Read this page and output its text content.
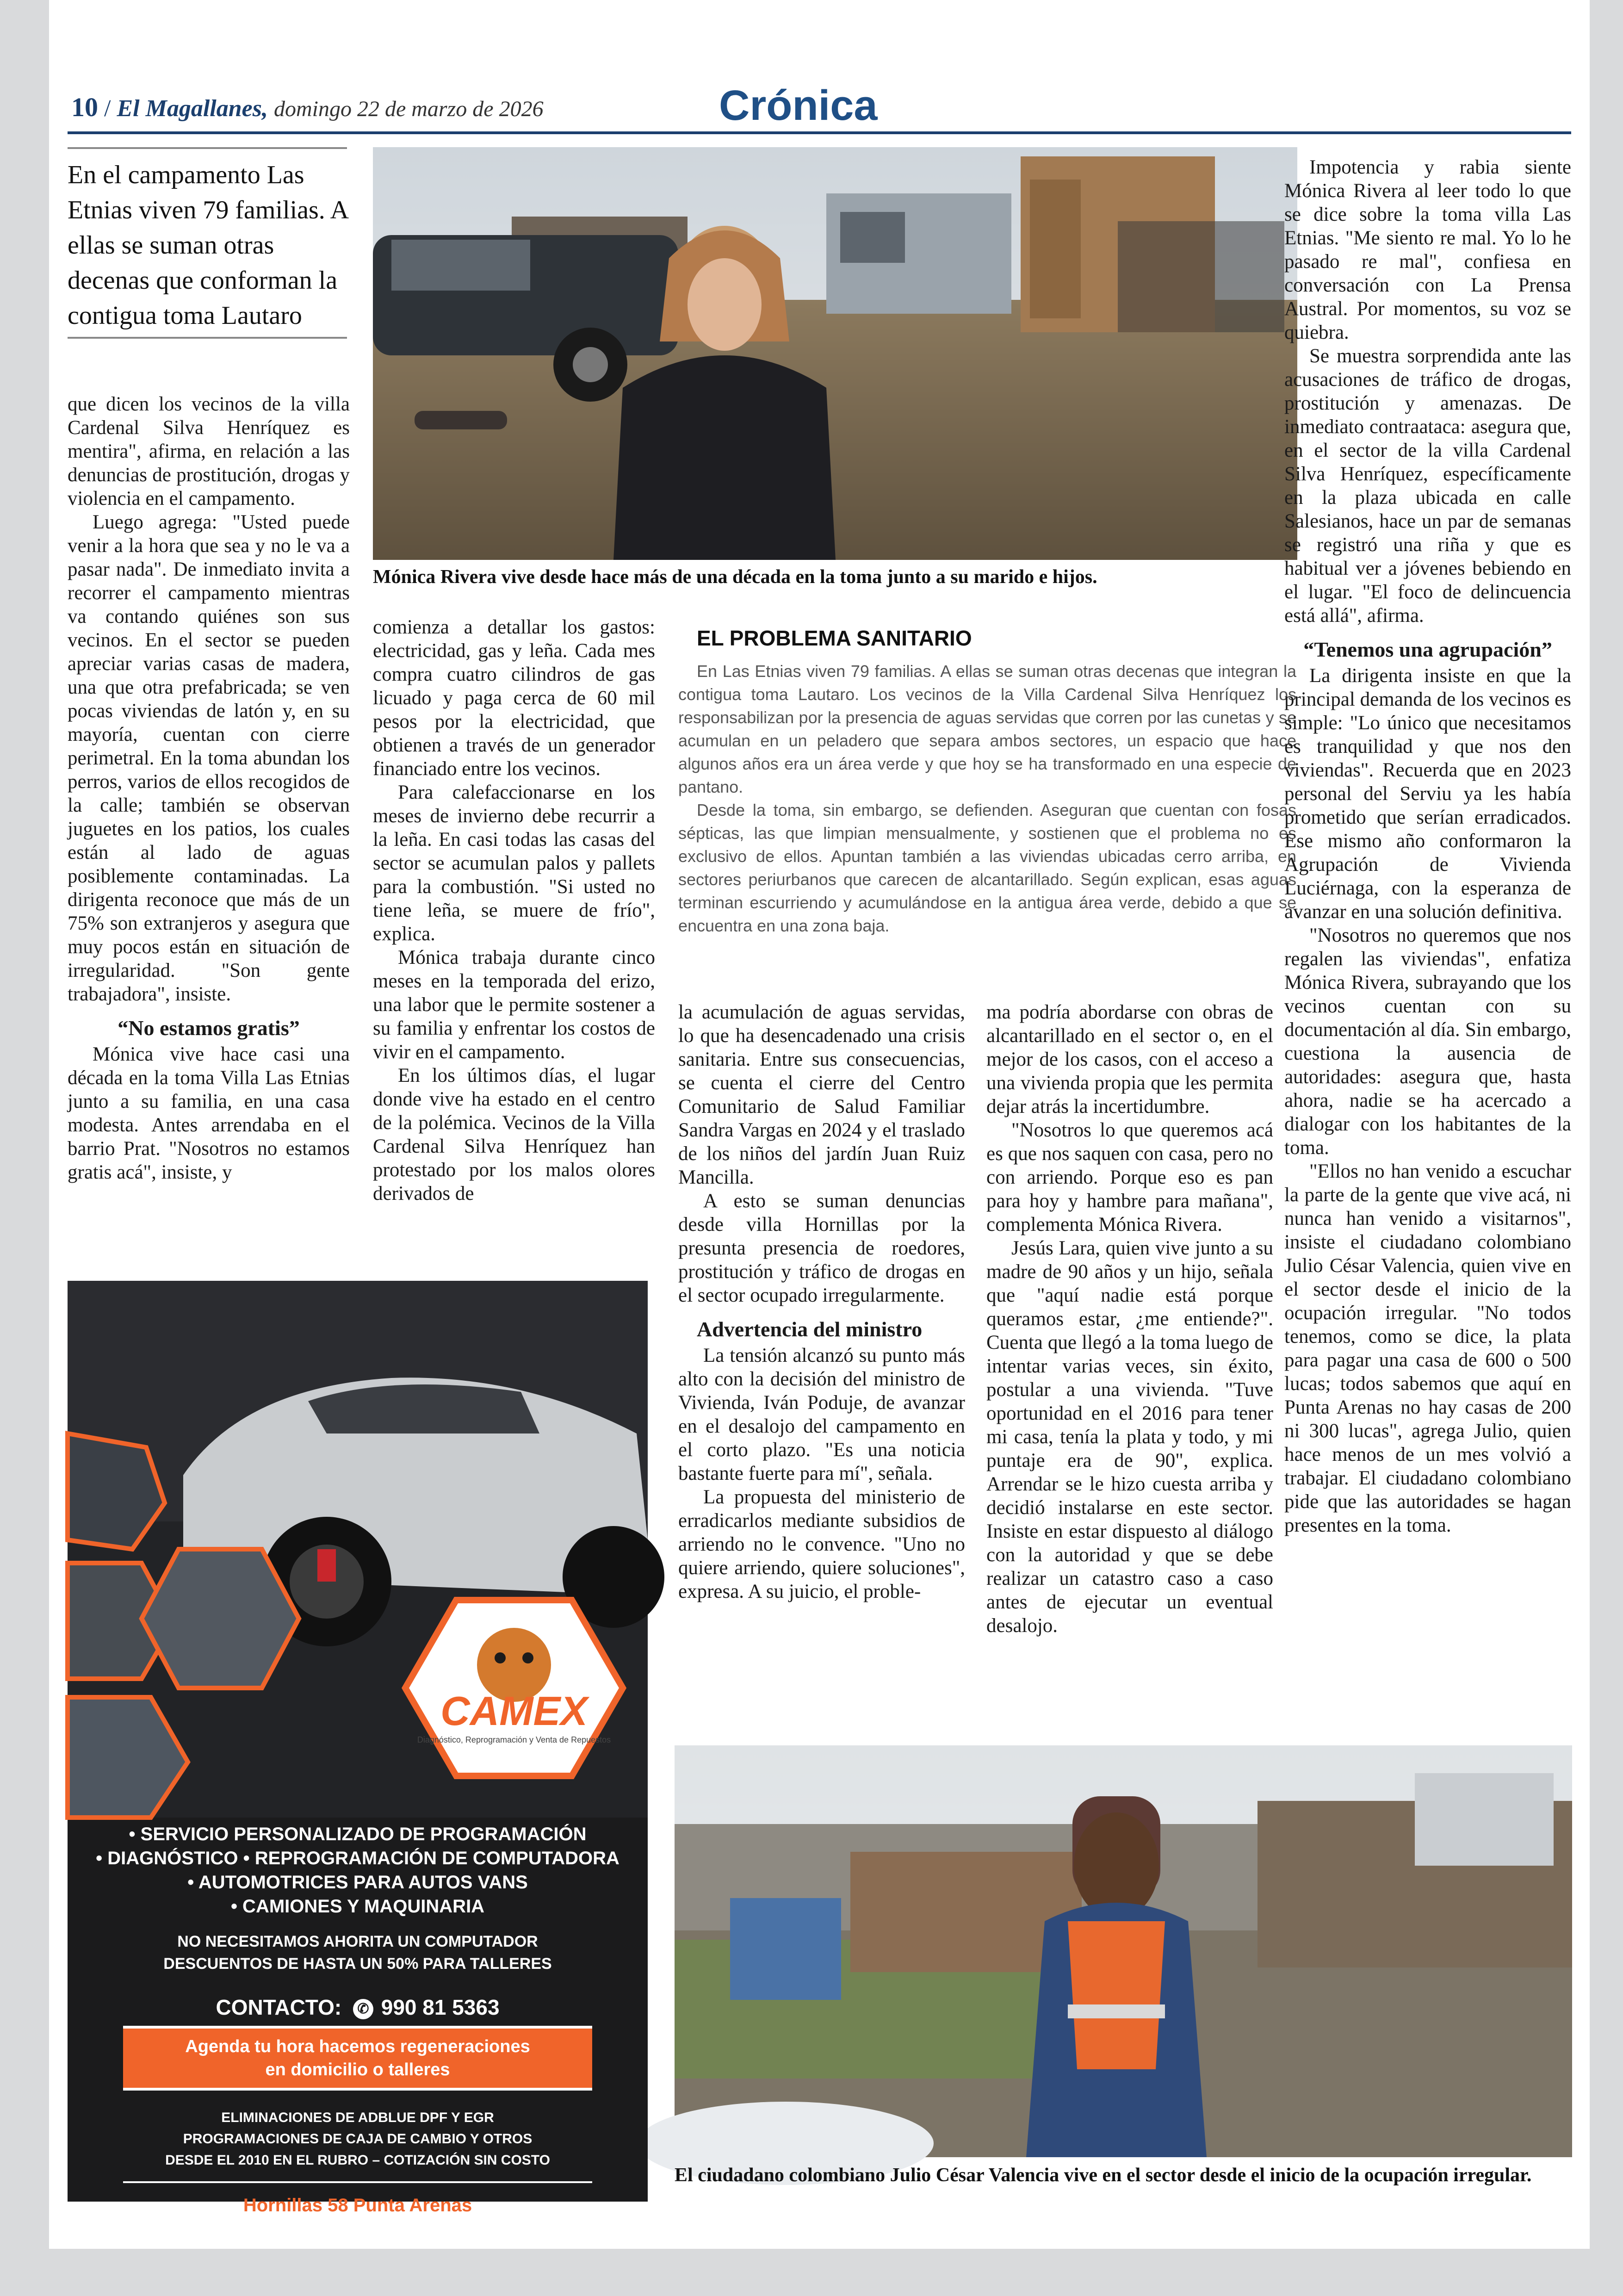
10 / El Magallanes, domingo 22 de marzo de 2026	Crónica
En el campamento Las Etnias viven 79 familias. A ellas se suman otras decenas que conforman la contigua toma Lautaro
Mónica Rivera vive desde hace más de una década en la toma junto a su marido e hijos.

que dicen los vecinos de la villa Cardenal Silva Henríquez es mentira", afirma, en relación a las denuncias de prostitución, drogas y violencia en el campamento.

Luego agrega: "Usted puede venir a la hora que sea y no le va a pasar nada". De inmediato invita a recorrer el campamento mientras va contando quiénes son sus vecinos. En el sector se pueden apreciar varias casas de madera, una que otra prefabricada; se ven pocas viviendas de latón y, en su mayoría, cuentan con cierre perimetral. En la toma abundan los perros, varios de ellos recogidos de la calle; también se observan juguetes en los patios, los cuales están al lado de aguas posiblemente contaminadas. La dirigenta reconoce que más de un 75% son extranjeros y asegura que muy pocos están en situación de irregularidad. "Son gente trabajadora", insiste.

“No estamos gratis”

Mónica vive hace casi una década en la toma Villa Las Etnias junto a su familia, en una casa modesta. Antes arrendaba en el barrio Prat. "Nosotros no estamos gratis acá", insiste, y

comienza a detallar los gastos: electricidad, gas y leña. Cada mes compra cuatro cilindros de gas licuado y paga cerca de 60 mil pesos por la electricidad, que obtienen a través de un generador financiado entre los vecinos.

Para calefaccionarse en los meses de invierno debe recurrir a la leña. En casi todas las casas del sector se acumulan palos y pallets para la combustión. "Si usted no tiene leña, se muere de frío", explica.

Mónica trabaja durante cinco meses en la temporada del erizo, una labor que le permite sostener a su familia y enfrentar los costos de vivir en el campamento.

En los últimos días, el lugar donde vive ha estado en el centro de la polémica. Vecinos de la Villa Cardenal Silva Henríquez han protestado por los malos olores derivados de

EL PROBLEMA SANITARIO

En Las Etnias viven 79 familias. A ellas se suman otras decenas que integran la contigua toma Lautaro. Los vecinos de la Villa Cardenal Silva Henríquez los responsabilizan por la presencia de aguas servidas que corren por las cunetas y se acumulan en un peladero que separa ambos sectores, un espacio que hace algunos años era un área verde y que hoy se ha transformado en una especie de pantano.

Desde la toma, sin embargo, se defienden. Aseguran que cuentan con fosas sépticas, las que limpian mensualmente, y sostienen que el problema no es exclusivo de ellos. Apuntan también a las viviendas ubicadas cerro arriba, en sectores periurbanos que carecen de alcantarillado. Según explican, esas aguas terminan escurriendo y acumulándose en la antigua área verde, debido a que se encuentra en una zona baja.

la acumulación de aguas servidas, lo que ha desencadenado una crisis sanitaria. Entre sus consecuencias, se cuenta el cierre del Centro Comunitario de Salud Familiar Sandra Vargas en 2024 y el traslado de los niños del jardín Juan Ruiz Mancilla.

A esto se suman denuncias desde villa Hornillas por la presunta presencia de roedores, prostitución y tráfico de drogas en el sector ocupado irregularmente.

Advertencia del ministro

La tensión alcanzó su punto más alto con la decisión del ministro de Vivienda, Iván Poduje, de avanzar en el desalojo del campamento en el corto plazo. "Es una noticia bastante fuerte para mí", señala.

La propuesta del ministerio de erradicarlos mediante subsidios de arriendo no le convence. "Uno no quiere arriendo, quiere soluciones", expresa. A su juicio, el proble-

ma podría abordarse con obras de alcantarillado en el sector o, en el mejor de los casos, con el acceso a una vivienda propia que les permita dejar atrás la incertidumbre.

"Nosotros lo que queremos acá es que nos saquen con casa, pero no con arriendo. Porque eso es pan para hoy y hambre para mañana", complementa Mónica Rivera.

Jesús Lara, quien vive junto a su madre de 90 años y un hijo, señala que "aquí nadie está porque queramos estar, ¿me entiende?". Cuenta que llegó a la toma luego de intentar varias veces, sin éxito, postular a una vivienda. "Tuve oportunidad en el 2016 para tener mi casa, tenía la plata y todo, y mi puntaje era de 90", explica. Arrendar se le hizo cuesta arriba y decidió instalarse en este sector. Insiste en estar dispuesto al diálogo con la autoridad y que se debe realizar un catastro caso a caso antes de ejecutar un eventual desalojo.

Impotencia y rabia siente Mónica Rivera al leer todo lo que se dice sobre la toma villa Las Etnias. "Me siento re mal. Yo lo he pasado re mal", confiesa en conversación con La Prensa Austral. Por momentos, su voz se quiebra.

Se muestra sorprendida ante las acusaciones de tráfico de drogas, prostitución y amenazas. De inmediato contraataca: asegura que, en el sector de la villa Cardenal Silva Henríquez, específicamente en la plaza ubicada en calle Salesianos, hace un par de semanas se registró una riña y que es habitual ver a jóvenes bebiendo en el lugar. "El foco de delincuencia está allá", afirma.

“Tenemos una agrupación”

La dirigenta insiste en que la principal demanda de los vecinos es simple: "Lo único que necesitamos es tranquilidad y que nos den viviendas". Recuerda que en 2023 personal del Serviu ya les había prometido que serían erradicados. Ese mismo año conformaron la Agrupación de Vivienda Luciérnaga, con la esperanza de avanzar en una solución definitiva.

"Nosotros no queremos que nos regalen las viviendas", enfatiza Mónica Rivera, subrayando que los vecinos cuentan con su documentación al día. Sin embargo, cuestiona la ausencia de autoridades: asegura que, hasta ahora, nadie se ha acercado a dialogar con los habitantes de la toma.

"Ellos no han venido a escuchar la parte de la gente que vive acá, ni nunca han venido a visitarnos", insiste el ciudadano colombiano Julio César Valencia, quien vive en el sector desde el inicio de la ocupación irregular. "No todos tenemos, como se dice, la plata para pagar una casa de 600 o 500 lucas; todos sabemos que aquí en Punta Arenas no hay casas de 200 ni 300 lucas", agrega Julio, quien hace menos de un mes volvió a trabajar. El ciudadano colombiano pide que las autoridades se hagan presentes en la toma.

El ciudadano colombiano Julio César Valencia vive en el sector desde el inicio de la ocupación irregular.
CAMEX
Diagnóstico, Reprogramación y Venta de Repuestos
• SERVICIO PERSONALIZADO DE PROGRAMACIÓN
• DIAGNÓSTICO • REPROGRAMACIÓN DE COMPUTADORA
• AUTOMOTRICES PARA AUTOS VANS
• CAMIONES Y MAQUINARIA
NO NECESITAMOS AHORITA UN COMPUTADOR
DESCUENTOS DE HASTA UN 50% PARA TALLERES
CONTACTO: ✆ 990 81 5363
Agenda tu hora hacemos regeneraciones
en domicilio o talleres
ELIMINACIONES DE ADBLUE DPF Y EGR
PROGRAMACIONES DE CAJA DE CAMBIO Y OTROS
DESDE EL 2010 EN EL RUBRO – COTIZACIÓN SIN COSTO
Hornillas 58 Punta Arenas
